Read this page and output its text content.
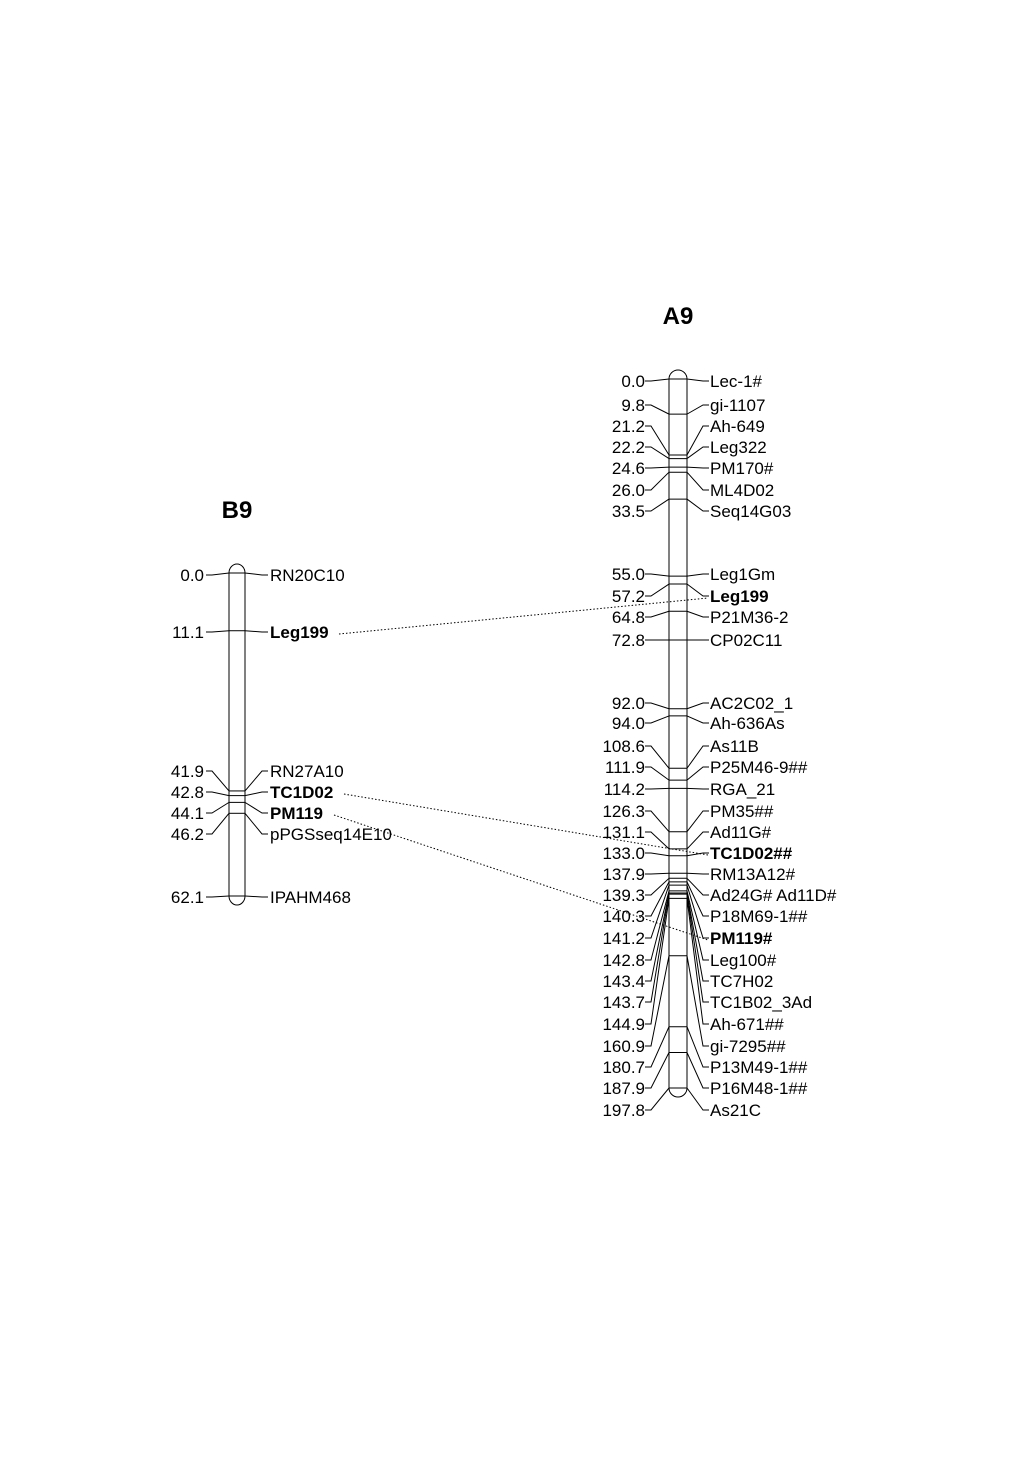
B9
0.0	RN20C10
11.1	Leg199
41.9	RN27A10
42.8	TC1D02
44.1	PM119
46.2	pPGSseq14E10
62.1	IPAHM468
A9
0.0	Lec-1#
9.8	gi-1107
21.2	Ah-649
22.2	Leg322
24.6	PM170#
26.0	ML4D02
33.5	Seq14G03
55.0	Leg1Gm
57.2	Leg199
64.8	P21M36-2
72.8	CP02C11
92.0	AC2C02_1
94.0	Ah-636As
108.6	As11B
111.9	P25M46-9##
114.2	RGA_21
126.3	PM35##
131.1	Ad11G#
133.0	TC1D02##
137.9	RM13A12#
139.3	Ad24G# Ad11D#
140.3	P18M69-1##
141.2	PM119#
142.8	Leg100#
143.4	TC7H02
143.7	TC1B02_3Ad
144.9	Ah-671##
160.9	gi-7295##
180.7	P13M49-1##
187.9	P16M48-1##
197.8	As21C
